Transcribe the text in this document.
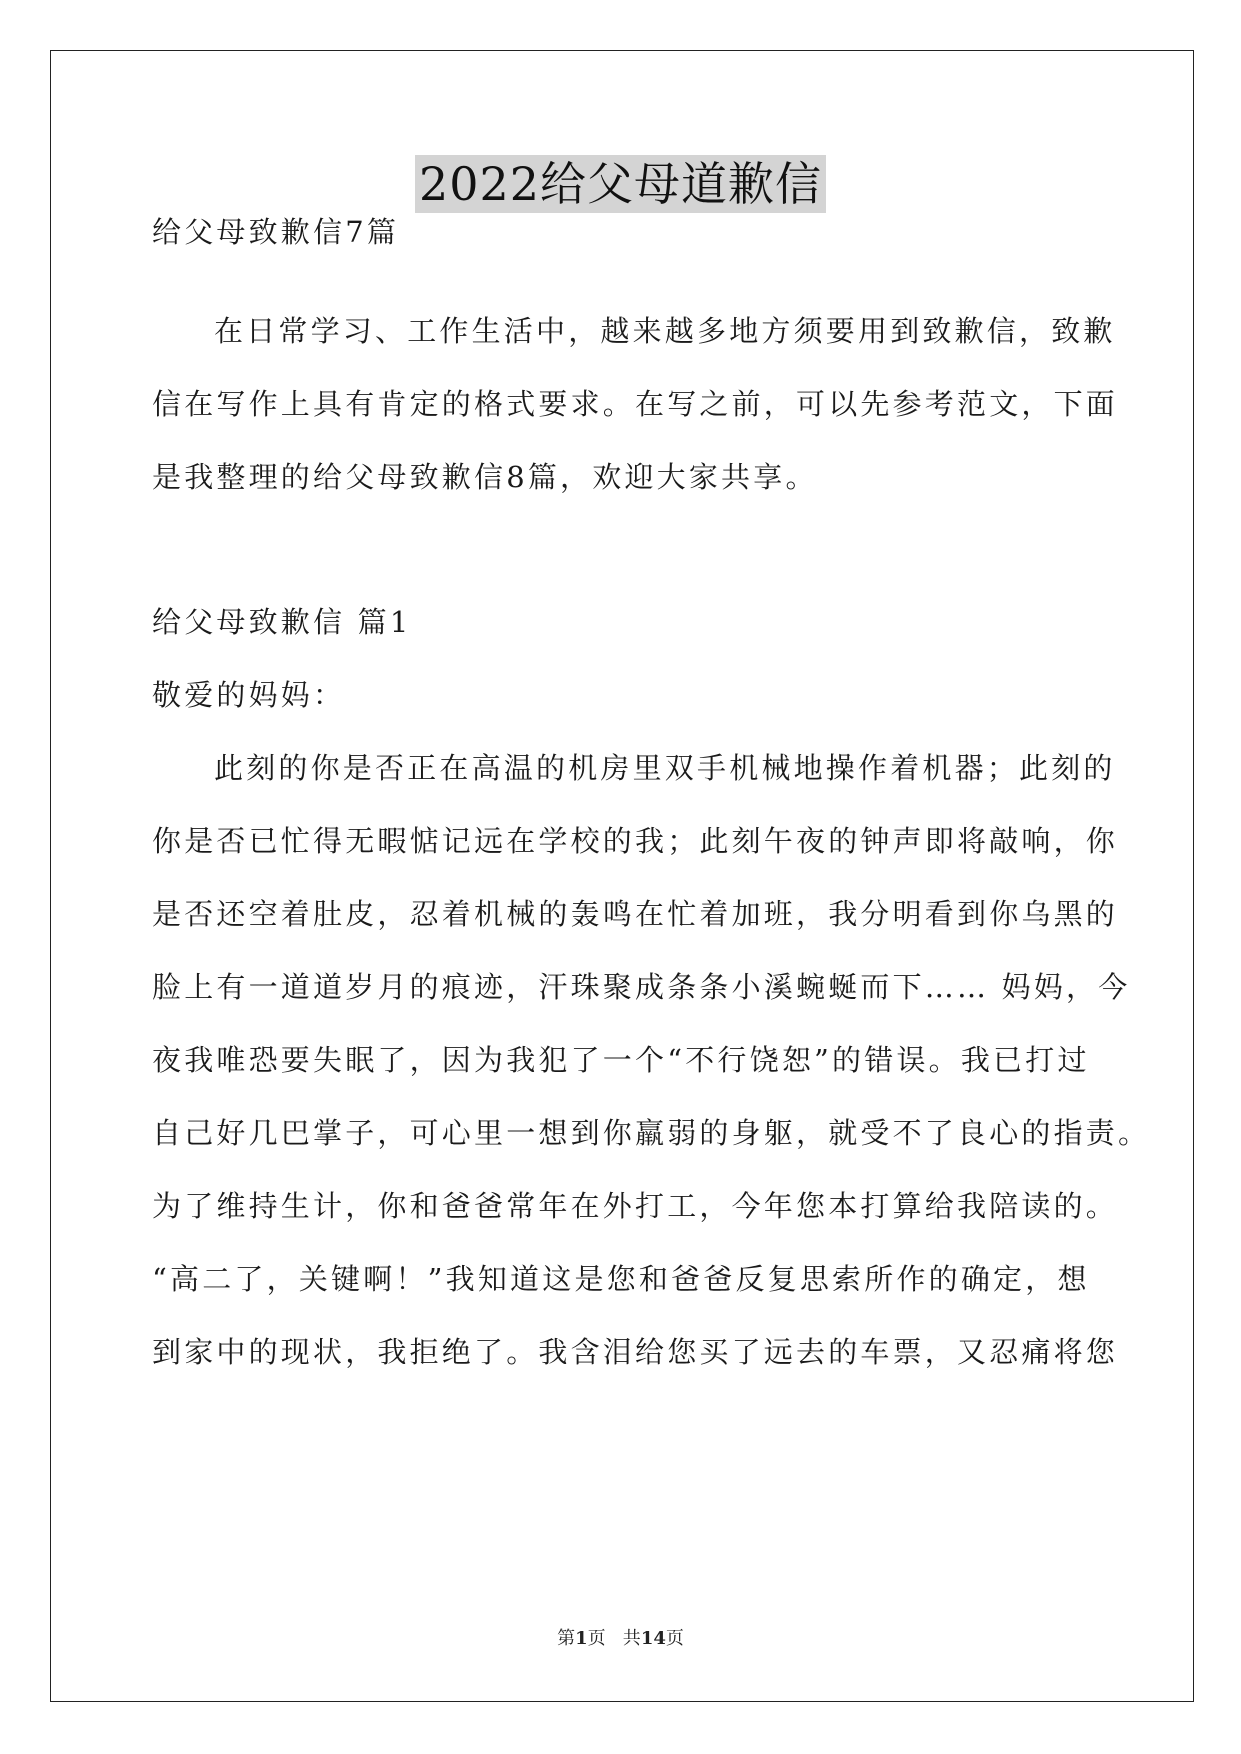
2022给父母道歉信
给父母致歉信7篇
在日常学习、工作生活中，越来越多地方须要用到致歉信，致歉
信在写作上具有肯定的格式要求。在写之前，可以先参考范文，下面
是我整理的给父母致歉信8篇，欢迎大家共享。
给父母致歉信 篇1
敬爱的妈妈：
此刻的你是否正在高温的机房里双手机械地操作着机器；此刻的
你是否已忙得无暇惦记远在学校的我；此刻午夜的钟声即将敲响，你
是否还空着肚皮，忍着机械的轰鸣在忙着加班，我分明看到你乌黑的
脸上有一道道岁月的痕迹，汗珠聚成条条小溪蜿蜒而下…… 妈妈，今
夜我唯恐要失眠了，因为我犯了一个“不行饶恕”的错误。我已打过
自己好几巴掌子，可心里一想到你羸弱的身躯，就受不了良心的指责。
为了维持生计，你和爸爸常年在外打工，今年您本打算给我陪读的。
“高二了，关键啊！”我知道这是您和爸爸反复思索所作的确定，想
到家中的现状，我拒绝了。我含泪给您买了远去的车票，又忍痛将您
第1页   共14页
